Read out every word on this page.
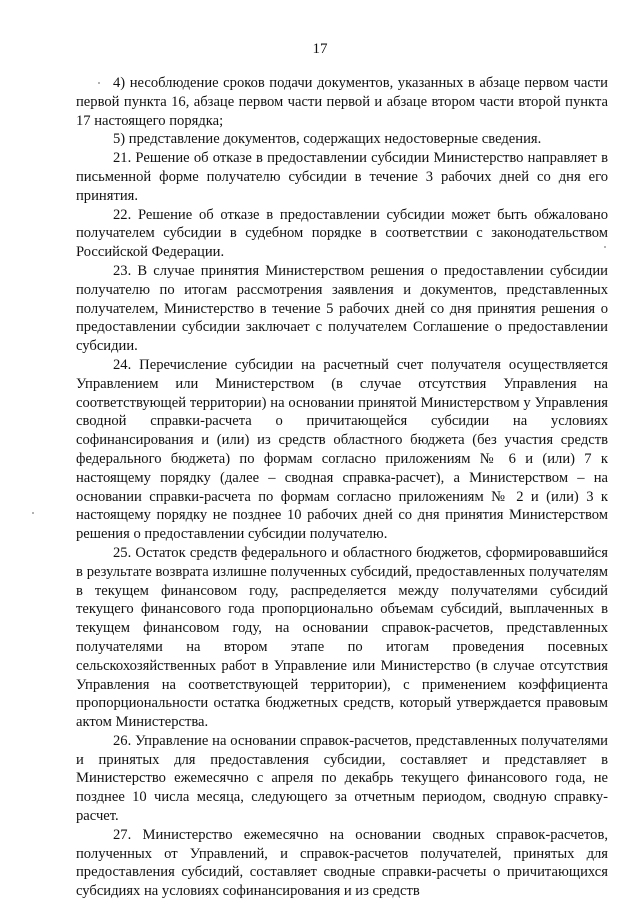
17

4) несоблюдение сроков подачи документов, указанных в абзаце первом части первой пункта 16, абзаце первом части первой и абзаце втором части второй пункта 17 настоящего порядка;

5) представление документов, содержащих недостоверные сведения.

21. Решение об отказе в предоставлении субсидии Министерство направляет в письменной форме получателю субсидии в течение 3 рабочих дней со дня его принятия.

22. Решение об отказе в предоставлении субсидии может быть обжаловано получателем субсидии в судебном порядке в соответствии с законодательством Российской Федерации.

23. В случае принятия Министерством решения о предоставлении субсидии получателю по итогам рассмотрения заявления и документов, представленных получателем, Министерство в течение 5 рабочих дней со дня принятия решения о предоставлении субсидии заключает с получателем Соглашение о предоставлении субсидии.

24. Перечисление субсидии на расчетный счет получателя осуществляется Управлением или Министерством (в случае отсутствия Управления на соответствующей территории) на основании принятой Министерством у Управления сводной справки-расчета о причитающейся субсидии на условиях софинансирования и (или) из средств областного бюджета (без участия средств федерального бюджета) по формам согласно приложениям № 6 и (или) 7 к настоящему порядку (далее – сводная справка-расчет), а Министерством – на основании справки-расчета по формам согласно приложениям № 2 и (или) 3 к настоящему порядку не позднее 10 рабочих дней со дня принятия Министерством решения о предоставлении субсидии получателю.

25. Остаток средств федерального и областного бюджетов, сформировавшийся в результате возврата излишне полученных субсидий, предоставленных получателям в текущем финансовом году, распределяется между получателями субсидий текущего финансового года пропорционально объемам субсидий, выплаченных в текущем финансовом году, на основании справок-расчетов, представленных получателями на втором этапе по итогам проведения посевных сельскохозяйственных работ в Управление или Министерство (в случае отсутствия Управления на соответствующей территории), с применением коэффициента пропорциональности остатка бюджетных средств, который утверждается правовым актом Министерства.

26. Управление на основании справок-расчетов, представленных получателями и принятых для предоставления субсидии, составляет и представляет в Министерство ежемесячно с апреля по декабрь текущего финансового года, не позднее 10 числа месяца, следующего за отчетным периодом, сводную справку-расчет.

27. Министерство ежемесячно на основании сводных справок-расчетов, полученных от Управлений, и справок-расчетов получателей, принятых для предоставления субсидий, составляет сводные справки-расчеты о причитающихся субсидиях на условиях софинансирования и из средств
